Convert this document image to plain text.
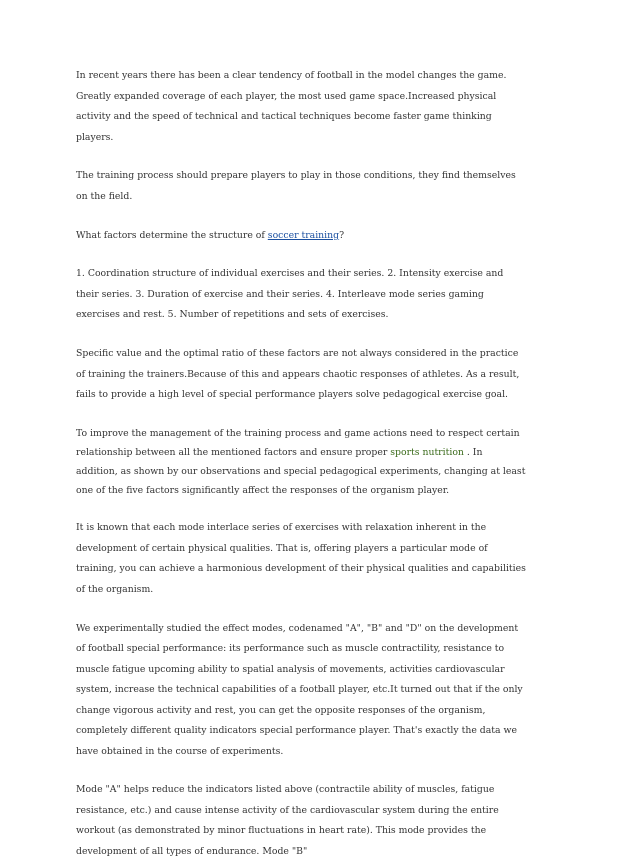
In recent years there has been a clear tendency of football in the model changes the game. Greatly expanded coverage of each player, the most used game space.Increased physical activity and the speed of technical and tactical techniques become faster game thinking players.

The training process should prepare players to play in those conditions, they find themselves on the field.

What factors determine the structure of soccer training?

1. Coordination structure of individual exercises and their series. 2. Intensity exercise and their series. 3. Duration of exercise and their series. 4. Interleave mode series gaming exercises and rest. 5. Number of repetitions and sets of exercises.

Specific value and the optimal ratio of these factors are not always considered in the practice of training the trainers.Because of this and appears chaotic responses of athletes. As a result, fails to provide a high level of special performance players solve pedagogical exercise goal.

To improve the management of the training process and game actions need to respect certain relationship between all the mentioned factors and ensure proper sports nutrition . In addition, as shown by our observations and special pedagogical experiments, changing at least one of the five factors significantly affect the responses of the organism player.

It is known that each mode interlace series of exercises with relaxation inherent in the development of certain physical qualities. That is, offering players a particular mode of training, you can achieve a harmonious development of their physical qualities and capabilities of the organism.

We experimentally studied the effect modes, codenamed "A", "B" and "D" on the development of football special performance: its performance such as muscle contractility, resistance to muscle fatigue upcoming ability to spatial analysis of movements, activities cardiovascular system, increase the technical capabilities of a football player, etc.It turned out that if the only change vigorous activity and rest, you can get the opposite responses of the organism, completely different quality indicators special performance player. That's exactly the data we have obtained in the course of experiments.

Mode "A" helps reduce the indicators listed above (contractile ability of muscles, fatigue resistance, etc.) and cause intense activity of the cardiovascular system during the entire workout (as demonstrated by minor fluctuations in heart rate). This mode provides the development of all types of endurance. Mode "B"
